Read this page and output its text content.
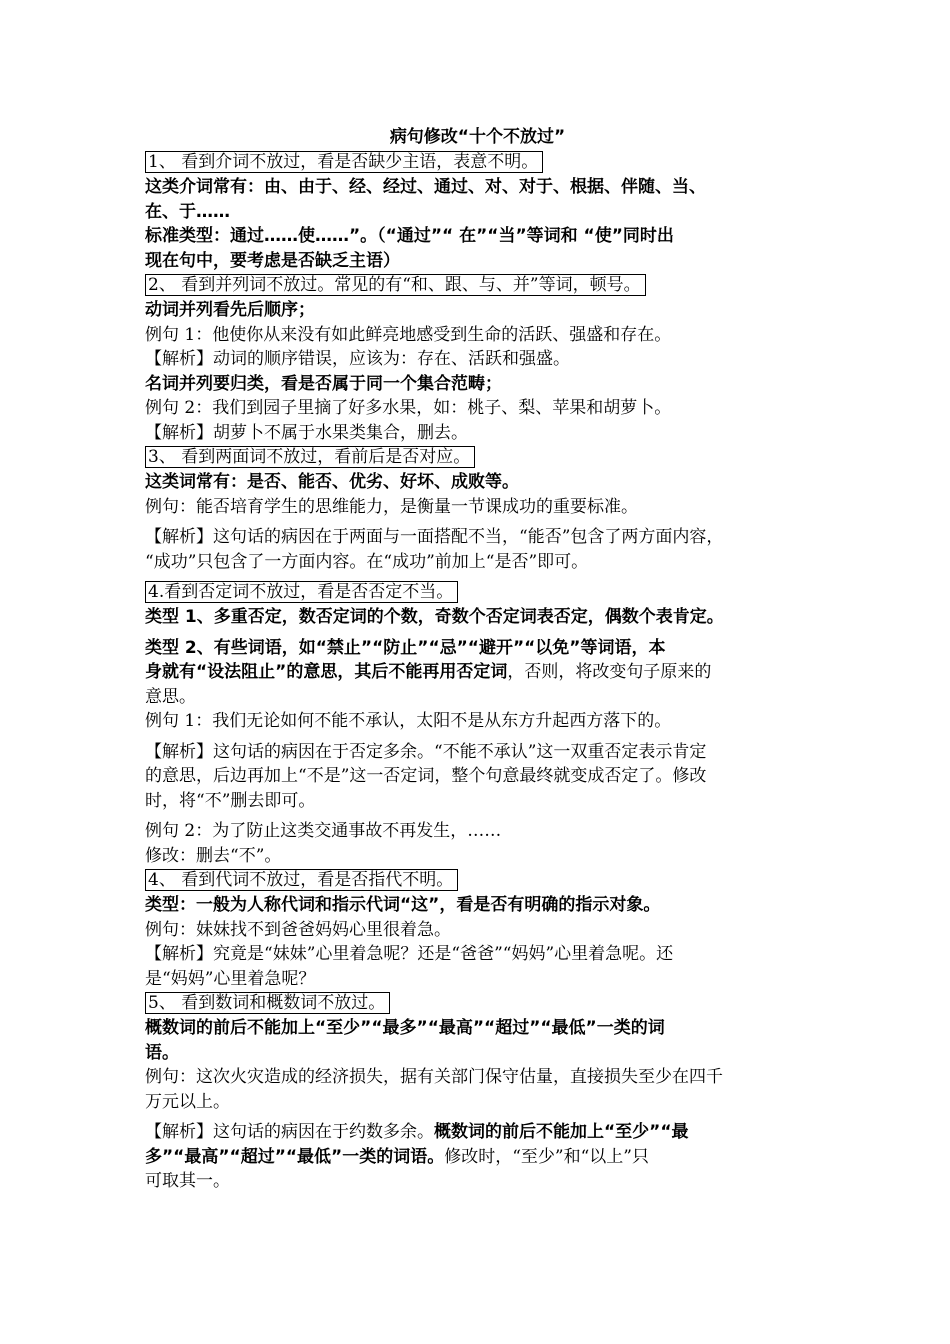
病句修改“十个不放过”

1、 看到介词不放过，看是否缺少主语，表意不明。

这类介词常有：由、由于、经、经过、通过、对、对于、根据、伴随、当、

在、于……

标准类型：通过……使……”。（“通过”“ 在”“当”等词和 “使”同时出

现在句中，要考虑是否缺乏主语）

2、 看到并列词不放过。常见的有“和、跟、与、并”等词，顿号。

动词并列看先后顺序；

例句 1：他使你从来没有如此鲜亮地感受到生命的活跃、强盛和存在。

【解析】动词的顺序错误，应该为：存在、活跃和强盛。

名词并列要归类，看是否属于同一个集合范畴；

例句 2：我们到园子里摘了好多水果，如：桃子、梨、苹果和胡萝卜。

【解析】胡萝卜不属于水果类集合，删去。

3、 看到两面词不放过，看前后是否对应。

这类词常有：是否、能否、优劣、好坏、成败等。

例句：能否培育学生的思维能力，是衡量一节课成功的重要标准。

【解析】这句话的病因在于两面与一面搭配不当，“能否”包含了两方面内容，

“成功”只包含了一方面内容。在“成功”前加上“是否”即可。

4.看到否定词不放过，看是否否定不当。

类型 1、多重否定，数否定词的个数，奇数个否定词表否定，偶数个表肯定。

类型 2、有些词语，如“禁止”“防止”“忌”“避开”“以免”等词语，本

身就有“设法阻止”的意思，其后不能再用否定词，否则，将改变句子原来的

意思。

例句 1：我们无论如何不能不承认，太阳不是从东方升起西方落下的。

【解析】这句话的病因在于否定多余。“不能不承认”这一双重否定表示肯定

的意思，后边再加上“不是”这一否定词，整个句意最终就变成否定了。修改

时，将“不”删去即可。

例句 2：为了防止这类交通事故不再发生，……

修改：删去“不”。

4、 看到代词不放过，看是否指代不明。

类型：一般为人称代词和指示代词“这”，看是否有明确的指示对象。

例句：妹妹找不到爸爸妈妈心里很着急。

【解析】究竟是“妹妹”心里着急呢？还是“爸爸”“妈妈”心里着急呢。还

是“妈妈”心里着急呢？

5、 看到数词和概数词不放过。

概数词的前后不能加上“至少”“最多”“最高”“超过”“最低”一类的词

语。

例句：这次火灾造成的经济损失，据有关部门保守估量，直接损失至少在四千

万元以上。

【解析】这句话的病因在于约数多余。概数词的前后不能加上“至少”“最

多”“最高”“超过”“最低”一类的词语。修改时，“至少”和“以上”只

可取其一。
